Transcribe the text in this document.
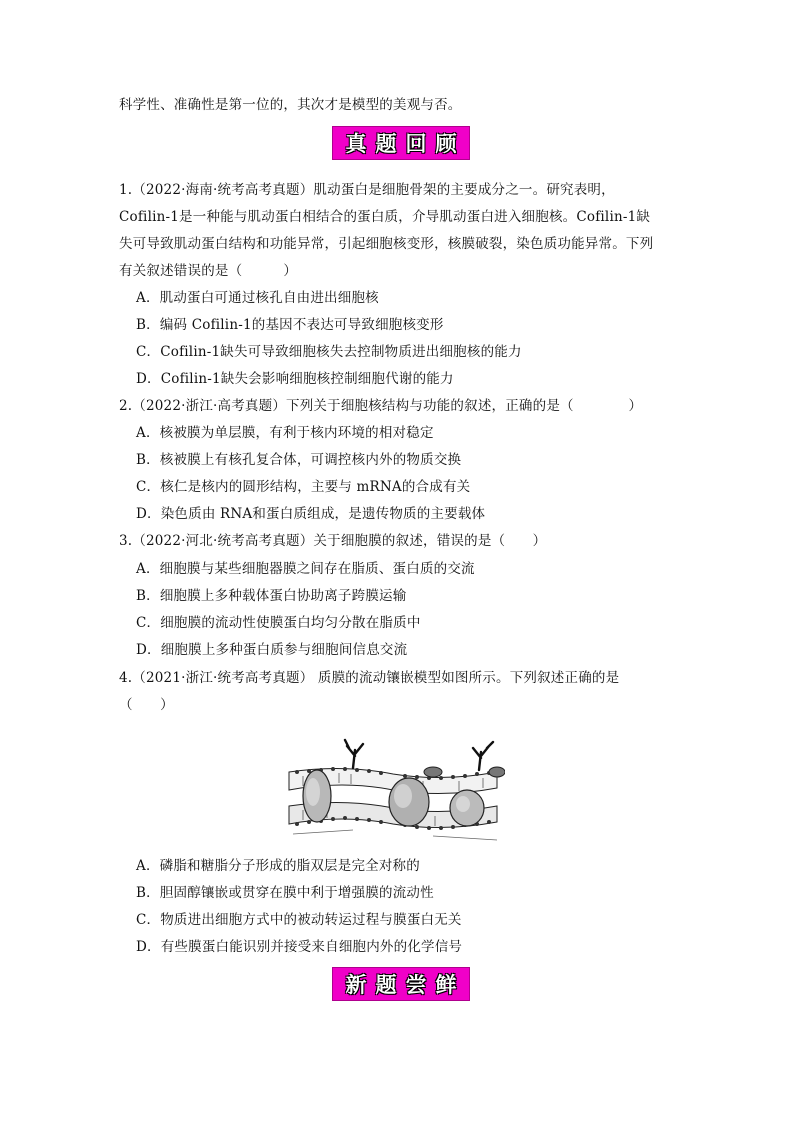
科学性、准确性是第一位的，其次才是模型的美观与否。
真 题 回 顾
1.（2022·海南·统考高考真题）肌动蛋白是细胞骨架的主要成分之一。研究表明，
Cofilin-1是一种能与肌动蛋白相结合的蛋白质，介导肌动蛋白进入细胞核。Cofilin-1缺
失可导致肌动蛋白结构和功能异常，引起细胞核变形，核膜破裂，染色质功能异常。下列
有关叙述错误的是（　　　）
A．肌动蛋白可通过核孔自由进出细胞核
B．编码 Cofilin-1的基因不表达可导致细胞核变形
C．Cofilin-1缺失可导致细胞核失去控制物质进出细胞核的能力
D．Cofilin-1缺失会影响细胞核控制细胞代谢的能力
2.（2022·浙江·高考真题）下列关于细胞核结构与功能的叙述，正确的是（　　　　）
A．核被膜为单层膜，有利于核内环境的相对稳定
B．核被膜上有核孔复合体，可调控核内外的物质交换
C．核仁是核内的圆形结构，主要与 mRNA的合成有关
D．染色质由 RNA和蛋白质组成，是遗传物质的主要载体
3.（2022·河北·统考高考真题）关于细胞膜的叙述，错误的是（　　）
A．细胞膜与某些细胞器膜之间存在脂质、蛋白质的交流
B．细胞膜上多种载体蛋白协助离子跨膜运输
C．细胞膜的流动性使膜蛋白均匀分散在脂质中
D．细胞膜上多种蛋白质参与细胞间信息交流
4.（2021·浙江·统考高考真题） 质膜的流动镶嵌模型如图所示。下列叙述正确的是
（　　）
A．磷脂和糖脂分子形成的脂双层是完全对称的
B．胆固醇镶嵌或贯穿在膜中利于增强膜的流动性
C．物质进出细胞方式中的被动转运过程与膜蛋白无关
D．有些膜蛋白能识别并接受来自细胞内外的化学信号
新 题 尝 鲜
